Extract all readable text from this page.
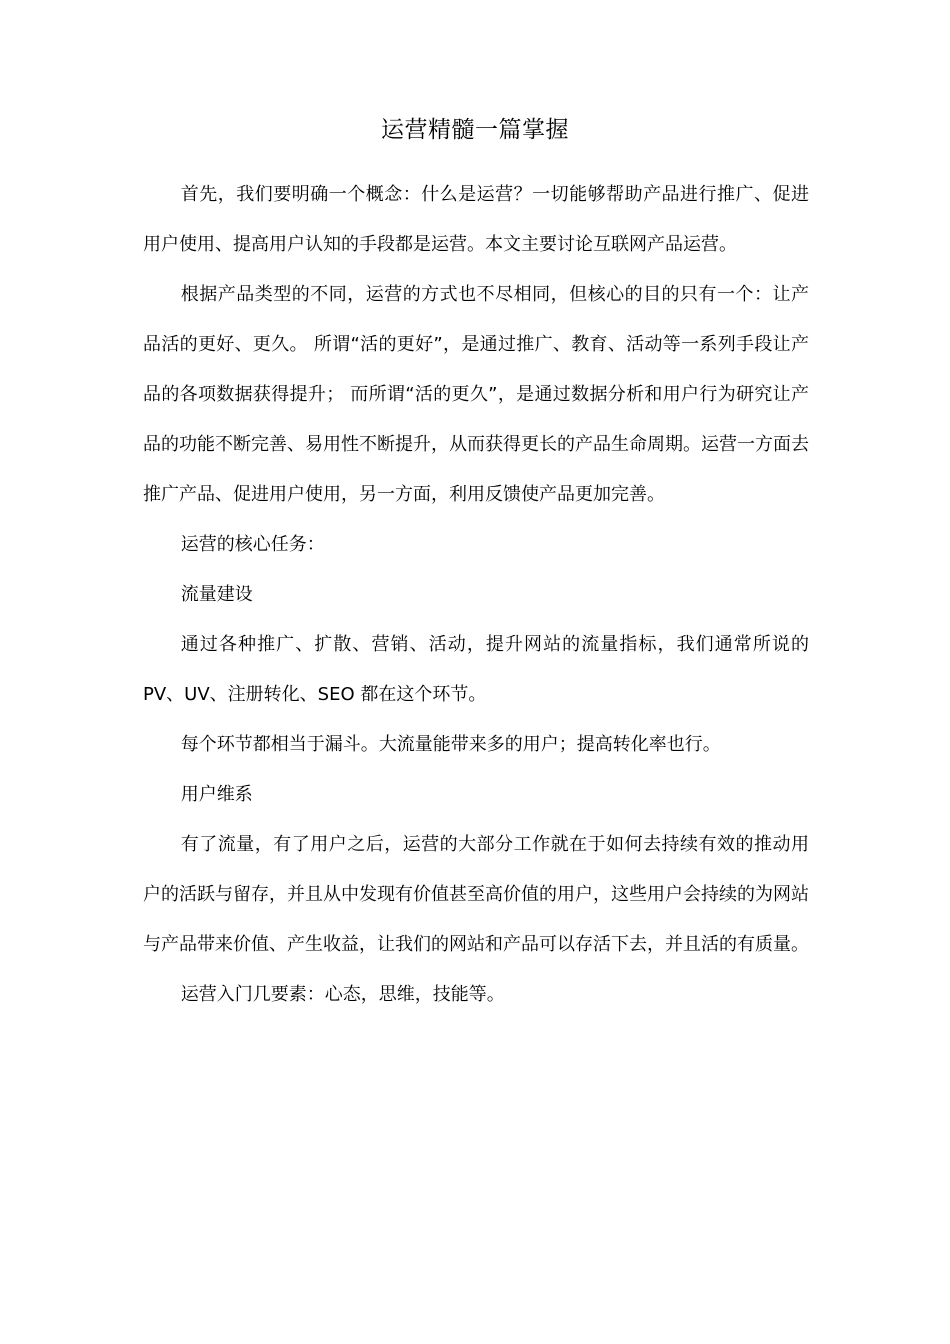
运营精髓一篇掌握

首先，我们要明确一个概念：什么是运营？一切能够帮助产品进行推广、促进用户使用、提高用户认知的手段都是运营。本文主要讨论互联网产品运营。

根据产品类型的不同，运营的方式也不尽相同，但核心的目的只有一个：让产品活的更好、更久。 所谓“活的更好”，是通过推广、教育、活动等一系列手段让产品的各项数据获得提升； 而所谓“活的更久”，是通过数据分析和用户行为研究让产品的功能不断完善、易用性不断提升，从而获得更长的产品生命周期。运营一方面去推广产品、促进用户使用，另一方面，利用反馈使产品更加完善。

运营的核心任务：

流量建设

通过各种推广、扩散、营销、活动，提升网站的流量指标，我们通常所说的PV、UV、注册转化、SEO 都在这个环节。

每个环节都相当于漏斗。大流量能带来多的用户；提高转化率也行。

用户维系

有了流量，有了用户之后，运营的大部分工作就在于如何去持续有效的推动用户的活跃与留存，并且从中发现有价值甚至高价值的用户，这些用户会持续的为网站与产品带来价值、产生收益，让我们的网站和产品可以存活下去，并且活的有质量。

运营入门几要素：心态，思维，技能等。
